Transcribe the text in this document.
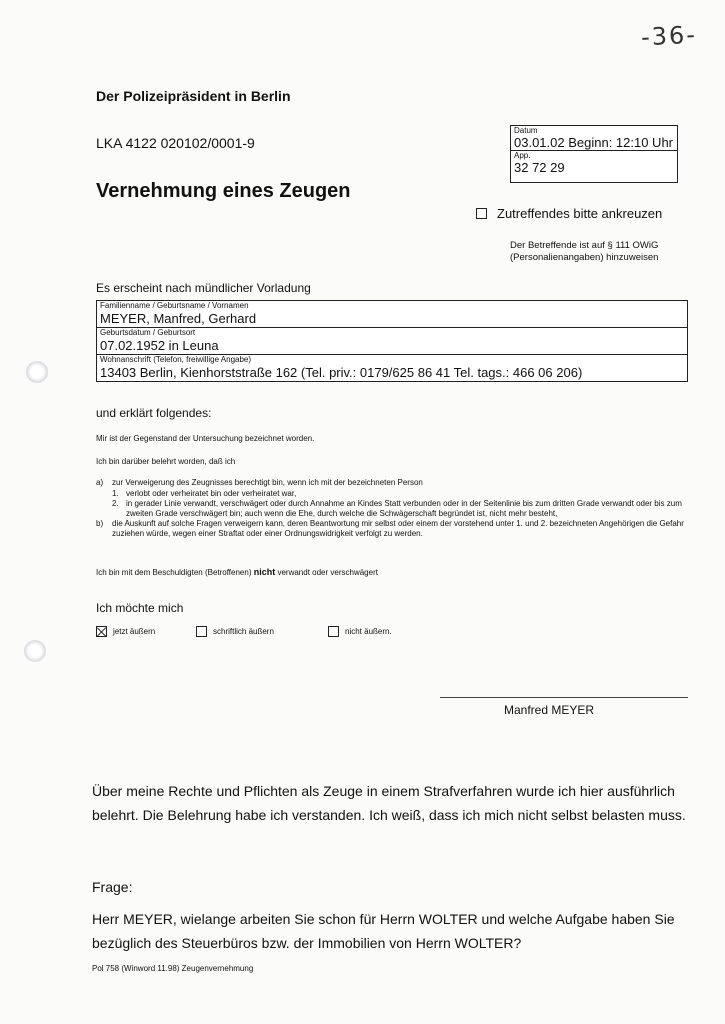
-36-
Der Polizeipräsident in Berlin
LKA 4122 020102/0001-9
Datum
03.01.02 Beginn: 12:10 Uhr
App.
32 72 29
Vernehmung eines Zeugen
Zutreffendes bitte ankreuzen
Der Betreffende ist auf § 111 OWiG
(Personalienangaben) hinzuweisen
Es erscheint nach mündlicher Vorladung
Familienname / Geburtsname / Vornamen
MEYER, Manfred, Gerhard
Geburtsdatum / Geburtsort
07.02.1952 in Leuna
Wohnanschrift (Telefon, freiwillige Angabe)
13403 Berlin, Kienhorststraße 162 (Tel. priv.: 0179/625 86 41 Tel. tags.: 466 06 206)
und erklärt folgendes:
Mir ist der Gegenstand der Untersuchung bezeichnet worden.
Ich bin darüber belehrt worden, daß ich
a)	zur Verweigerung des Zeugnisses berechtigt bin, wenn ich mit der bezeichneten Person
1. verlobt oder verheiratet bin oder verheiratet war,
2. in gerader Linie verwandt, verschwägert oder durch Annahme an Kindes Statt verbunden oder in der Seitenlinie bis zum dritten Grade verwandt oder bis zum zweiten Grade verschwägert bin; auch wenn die Ehe, durch welche die Schwägerschaft begründet ist, nicht mehr besteht,
b)	die Auskunft auf solche Fragen verweigern kann, deren Beantwortung mir selbst oder einem der vorstehend unter 1. und 2. bezeichneten Angehörigen die Gefahr zuziehen würde, wegen einer Straftat oder einer Ordnungswidrigkeit verfolgt zu werden.
Ich bin mit dem Beschuldigten (Betroffenen) nicht verwandt oder verschwägert
Ich möchte mich
jetzt äußern	schriftlich äußern	nicht äußern.
Manfred MEYER
Über meine Rechte und Pflichten als Zeuge in einem Strafverfahren wurde ich hier ausführlich belehrt. Die Belehrung habe ich verstanden. Ich weiß, dass ich mich nicht selbst belasten muss.
Frage:
Herr MEYER, wielange arbeiten Sie schon für Herrn WOLTER und welche Aufgabe haben Sie bezüglich des Steuerbüros bzw. der Immobilien von Herrn WOLTER?
Pol 758 (Winword 11.98) Zeugenvernehmung
